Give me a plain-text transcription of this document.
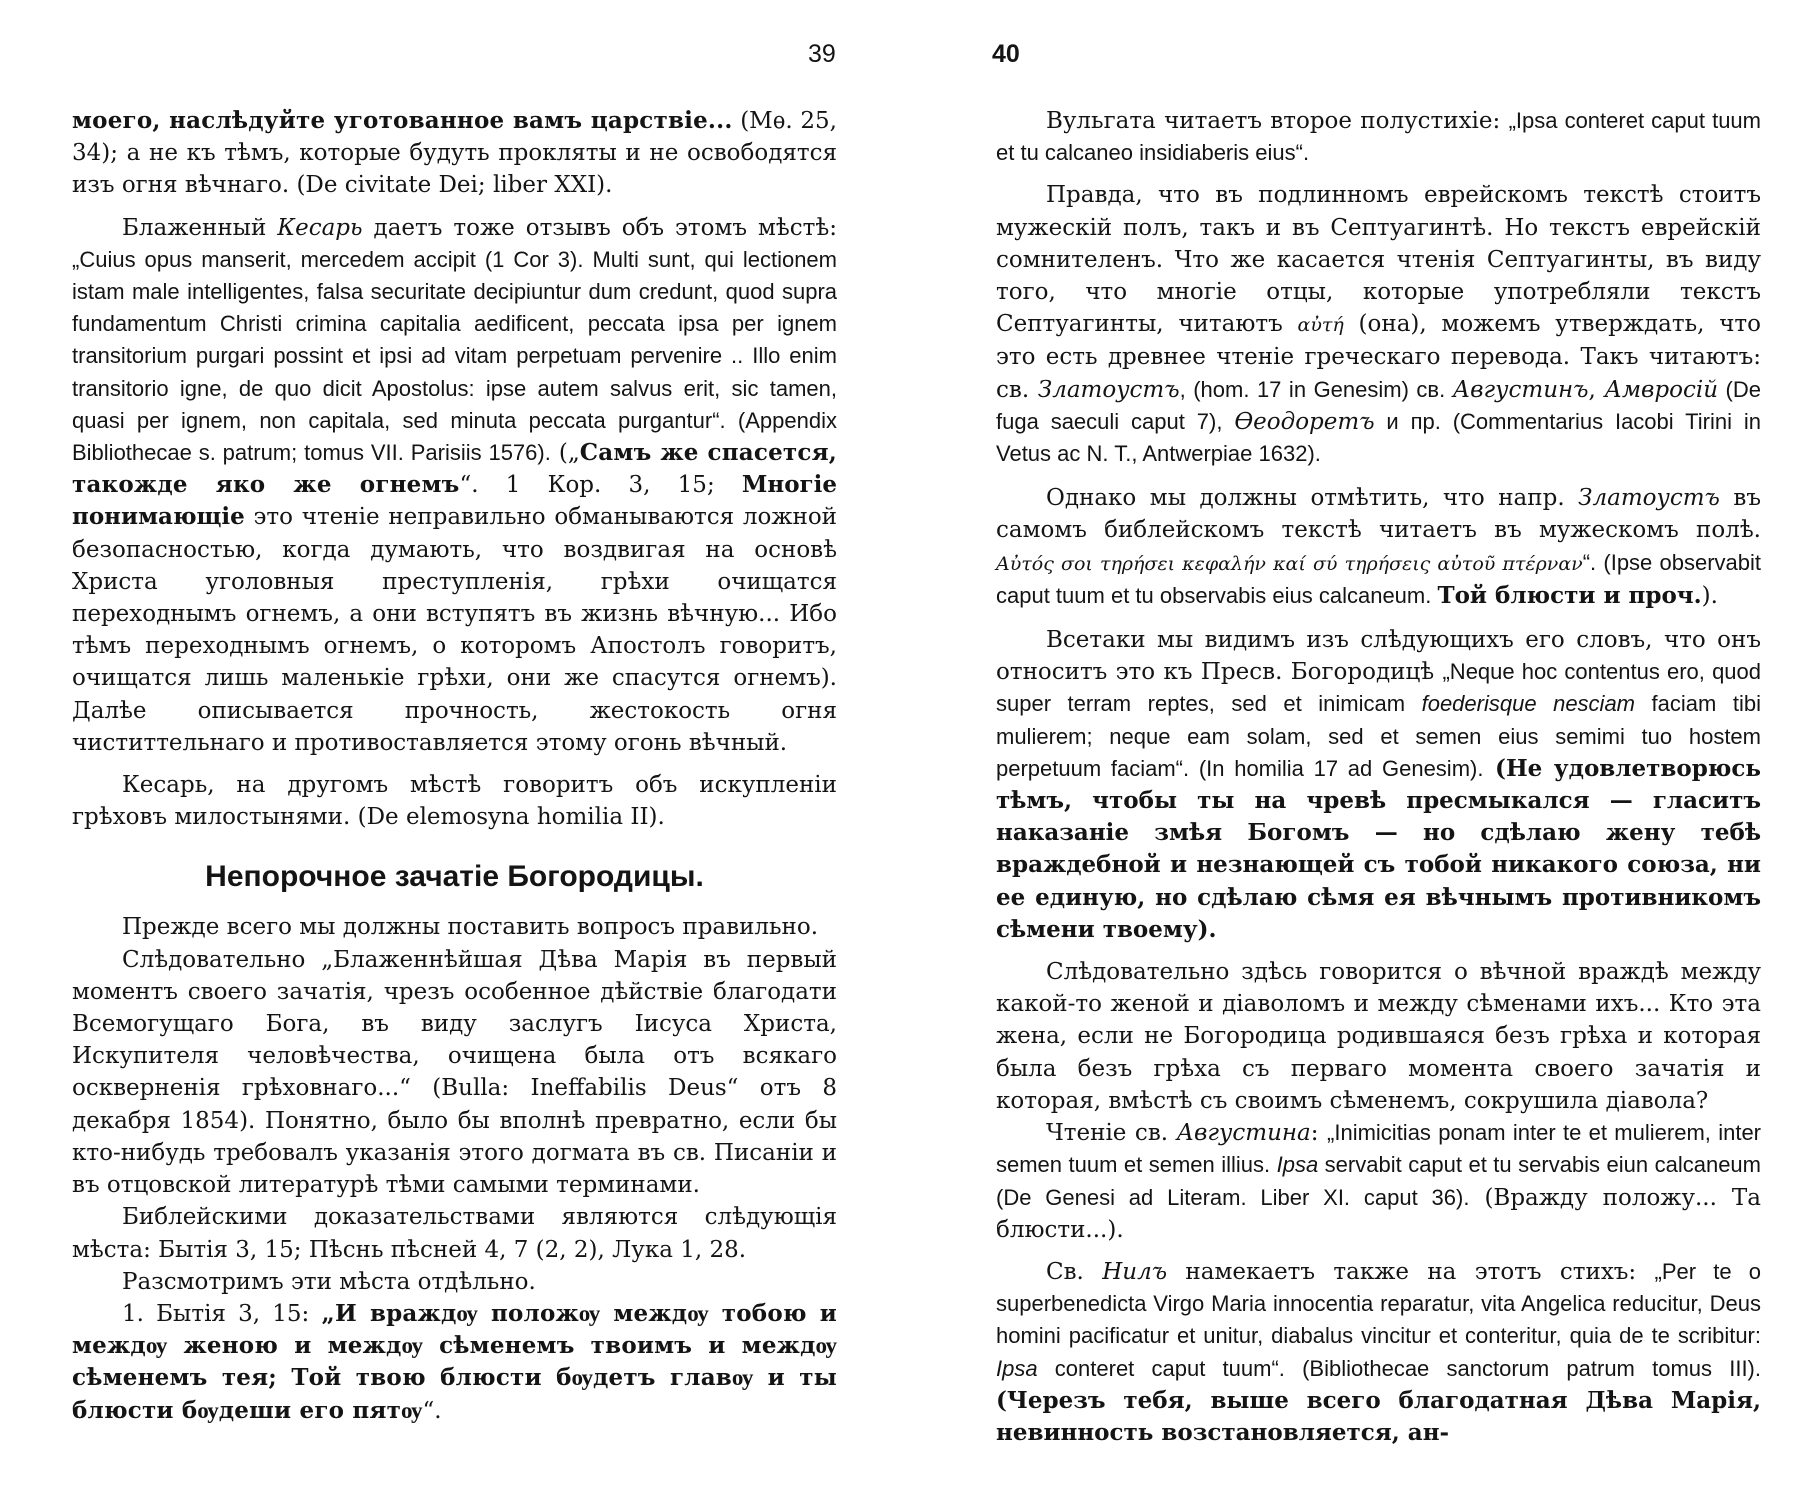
39

моего, наслѣдуйте уготованное вамъ царствіе... (Мѳ. 25, 34); а не къ тѣмъ, которые будуть прокляты и не освободятся изъ огня вѣчнаго. (De civitate Dei; liber XXI).

Блаженный Кесарь даетъ тоже отзывъ объ этомъ мѣстѣ: „Cuius opus manserit, mercedem accipit (1 Cor 3). Multi sunt, qui lectionem istam male intelligentes, falsa securitate decipiuntur dum credunt, quod supra fundamentum Christi crimina capitalia aedificent, peccata ipsa per ignem transitorium purgari possint et ipsi ad vitam perpetuam pervenire .. Illo enim transitorio igne, de quo dicit Apostolus: ipse autem salvus erit, sic tamen, quasi per ignem, non capitala, sed minuta peccata purgantur“. (Appendix Bibliothecae s. patrum; tomus VII. Parisiis 1576). („Самъ же спасется, такожде яко же огнемъ“. 1 Кор. 3, 15; Многіе понимающіе это чтеніе неправильно обманываются ложной безопасностью, когда думають, что воздвигая на основѣ Христа уголовныя преступленія, грѣхи очищатся переходнымъ огнемъ, а они вступятъ въ жизнь вѣчную... Ибо тѣмъ переходнымъ огнемъ, о которомъ Апостолъ говоритъ, очищатся лишь маленькіе грѣхи, они же спасутся огнемъ). Далѣе описывается прочность, жестокость огня чиститтельнаго и противоставляется этому огонь вѣчный.

Кесарь, на другомъ мѣстѣ говоритъ объ искупленіи грѣховъ милостынями. (De elemosyna homilia II).

Непорочное зачатіе Богородицы.

Прежде всего мы должны поставить вопросъ правильно.

Слѣдовательно „Блаженнѣйшая Дѣва Марія въ первый моментъ своего зачатія, чрезъ особенное дѣйствіе благодати Всемогущаго Бога, въ виду заслугъ Іисуса Христа, Искупителя человѣчества, очищена была отъ всякаго оскверненія грѣховнаго...“ (Bulla: Ineffabilis Deus“ отъ 8 декабря 1854). Понятно, было бы вполнѣ превратно, если бы кто-нибудь требовалъ указанія этого догмата въ св. Писаніи и въ отцовской литературѣ тѣми самыми терминами.

Библейскими доказательствами являются слѣдующія мѣста: Бытія 3, 15; Пѣснь пѣсней 4, 7 (2, 2), Лука 1, 28.

Разсмотримъ эти мѣста отдѣльно.

1. Бытія 3, 15: „И враждѹ положѹ междѹ тобою и междѹ женою и междѹ сѣменемъ твоимъ и междѹ сѣменемъ тея; Той твою блюсти бѹдетъ главѹ и ты блюсти бѹдеши его пятѹ“.

40

Вульгата читаетъ второе полустихіе: „Ipsa conteret caput tuum et tu calcaneo insidiaberis eius“.

Правда, что въ подлинномъ еврейскомъ текстѣ стоитъ мужескій полъ, такъ и въ Септуагинтѣ. Но текстъ еврейскій сомнителенъ. Что же касается чтенія Септуагинты, въ виду того, что многіе отцы, которые употребляли текстъ Септуагинты, читаютъ αὐτή (она), можемъ утверждать, что это есть древнее чтеніе греческаго перевода. Такъ читаютъ: св. Златоустъ, (hom. 17 in Genesim) св. Августинъ, Амвросій (De fuga saeculi caput 7), Ѳеодоретъ и пр. (Commentarius Iacobi Tirini in Vetus ac N. T., Antwerpiae 1632).

Однако мы должны отмѣтить, что напр. Златоустъ въ самомъ библейскомъ текстѣ читаетъ въ мужескомъ полѣ. Αὐτός σοι τηρήσει κεφαλήν καί σύ τηρήσεις αὐτοῦ πτέρναν“. (Ipse observabit caput tuum et tu observabis eius calcaneum. Той блюсти и проч.).

Всетаки мы видимъ изъ слѣдующихъ его словъ, что онъ относитъ это къ Пресв. Богородицѣ „Neque hoc contentus ero, quod super terram reptes, sed et inimicam foederisque nesciam faciam tibi mulierem; neque eam solam, sed et semen eius semimi tuo hostem perpetuum faciam“. (In homilia 17 ad Genesim). (Не удовлетворюсь тѣмъ, чтобы ты на чревѣ пресмыкался — гласитъ наказаніе змѣя Богомъ — но сдѣлаю жену тебѣ враждебной и незнающей съ тобой никакого союза, ни ее единую, но сдѣлаю сѣмя ея вѣчнымъ противникомъ сѣмени твоему).

Слѣдовательно здѣсь говорится о вѣчной враждѣ между какой-то женой и діаволомъ и между сѣменами ихъ... Кто эта жена, если не Богородица родившаяся безъ грѣха и которая была безъ грѣха съ перваго момента своего зачатія и которая, вмѣстѣ съ своимъ сѣменемъ, сокрушила діавола?

Чтеніе св. Августина: „Inimicitias ponam inter te et mulierem, inter semen tuum et semen illius. Ipsa servabit caput et tu servabis eiun calcaneum (De Genesi ad Literam. Liber XI. caput 36). (Вражду положу... Та блюсти...).

Св. Нилъ намекаетъ также на этотъ стихъ: „Per te o superbenedicta Virgo Maria innocentia reparatur, vita Angelica reducitur, Deus homini pacificatur et unitur, diabalus vincitur et conteritur, quia de te scribitur: Ipsa conteret caput tuum“. (Bibliothecae sanctorum patrum tomus III). (Черезъ тебя, выше всего благодатная Дѣва Марія, невинность возстановляется, ан-
